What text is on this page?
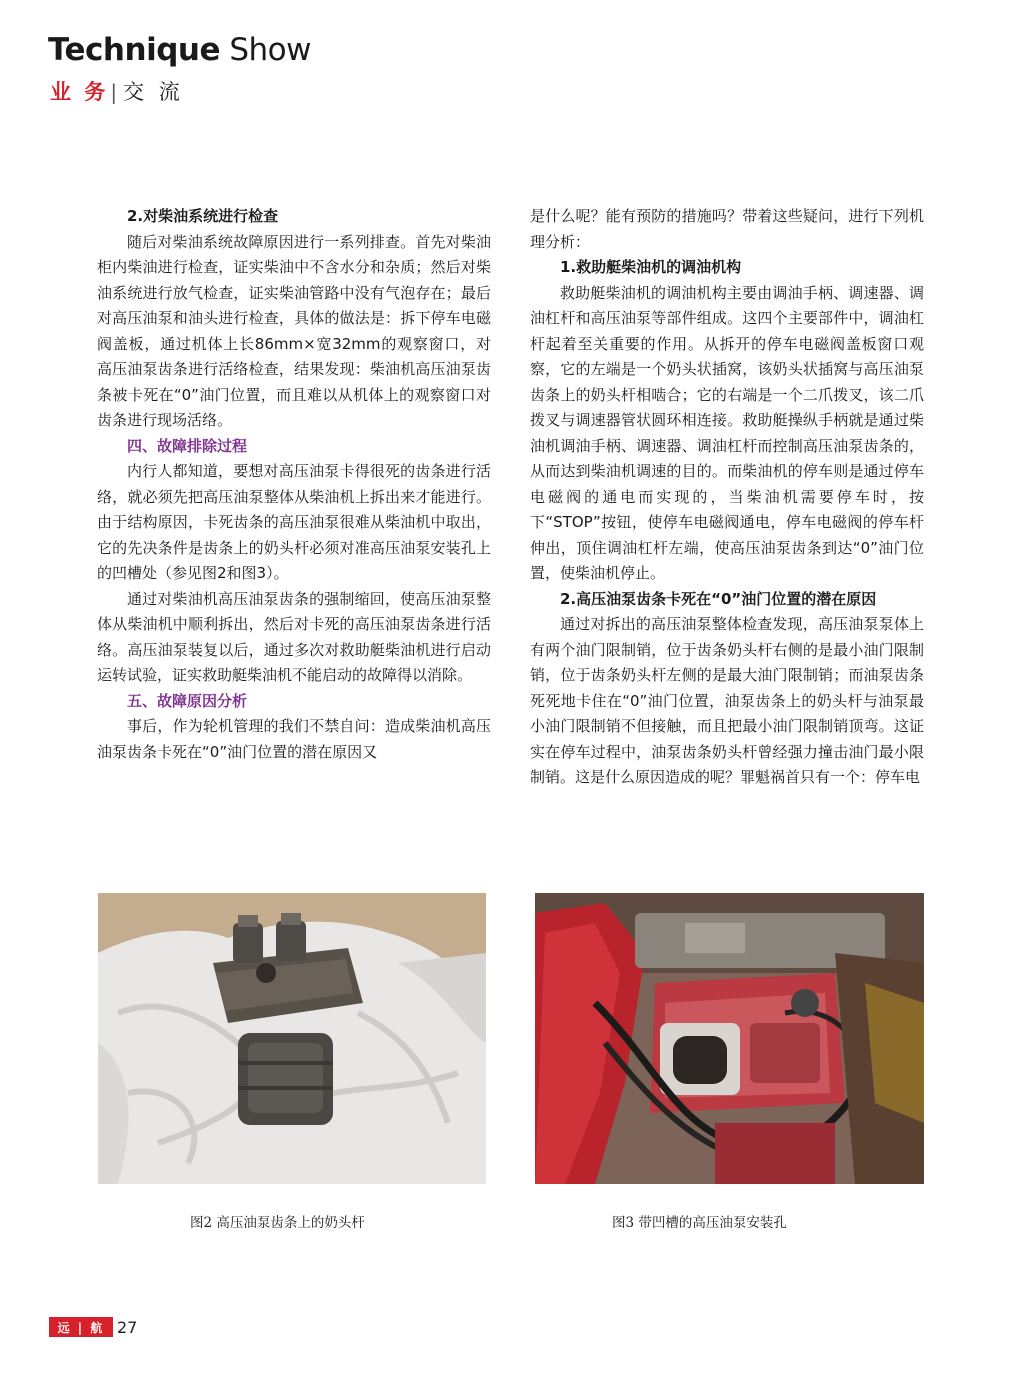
Technique Show
业 务 | 交 流
2.对柴油系统进行检查

随后对柴油系统故障原因进行一系列排查。首先对柴油柜内柴油进行检查，证实柴油中不含水分和杂质；然后对柴油系统进行放气检查，证实柴油管路中没有气泡存在；最后对高压油泵和油头进行检查，具体的做法是：拆下停车电磁阀盖板，通过机体上长86mm×宽32mm的观察窗口，对高压油泵齿条进行活络检查，结果发现：柴油机高压油泵齿条被卡死在“0”油门位置，而且难以从机体上的观察窗口对齿条进行现场活络。

四、故障排除过程

内行人都知道，要想对高压油泵卡得很死的齿条进行活络，就必须先把高压油泵整体从柴油机上拆出来才能进行。由于结构原因，卡死齿条的高压油泵很难从柴油机中取出，它的先决条件是齿条上的奶头杆必须对准高压油泵安装孔上的凹槽处（参见图2和图3）。

通过对柴油机高压油泵齿条的强制缩回，使高压油泵整体从柴油机中顺利拆出，然后对卡死的高压油泵齿条进行活络。高压油泵装复以后，通过多次对救助艇柴油机进行启动运转试验，证实救助艇柴油机不能启动的故障得以消除。

五、故障原因分析

事后，作为轮机管理的我们不禁自问：造成柴油机高压油泵齿条卡死在“0”油门位置的潜在原因又

是什么呢？能有预防的措施吗？带着这些疑问，进行下列机理分析：

1.救助艇柴油机的调油机构

救助艇柴油机的调油机构主要由调油手柄、调速器、调油杠杆和高压油泵等部件组成。这四个主要部件中，调油杠杆起着至关重要的作用。从拆开的停车电磁阀盖板窗口观察，它的左端是一个奶头状插窝，该奶头状插窝与高压油泵齿条上的奶头杆相啮合；它的右端是一个二爪拨叉，该二爪拨叉与调速器管状圆环相连接。救助艇操纵手柄就是通过柴油机调油手柄、调速器、调油杠杆而控制高压油泵齿条的，从而达到柴油机调速的目的。而柴油机的停车则是通过停车电磁阀的通电而实现的，当柴油机需要停车时，按下“STOP”按钮，使停车电磁阀通电，停车电磁阀的停车杆伸出，顶住调油杠杆左端，使高压油泵齿条到达“0”油门位置，使柴油机停止。

2.高压油泵齿条卡死在“0”油门位置的潜在原因

通过对拆出的高压油泵整体检查发现，高压油泵泵体上有两个油门限制销，位于齿条奶头杆右侧的是最小油门限制销，位于齿条奶头杆左侧的是最大油门限制销；而油泵齿条死死地卡住在“0”油门位置，油泵齿条上的奶头杆与油泵最小油门限制销不但接触，而且把最小油门限制销顶弯。这证实在停车过程中，油泵齿条奶头杆曾经强力撞击油门最小限制销。这是什么原因造成的呢？罪魁祸首只有一个：停车电

图2 高压油泵齿条上的奶头杆	图3 带凹槽的高压油泵安装孔
远 | 航 27
